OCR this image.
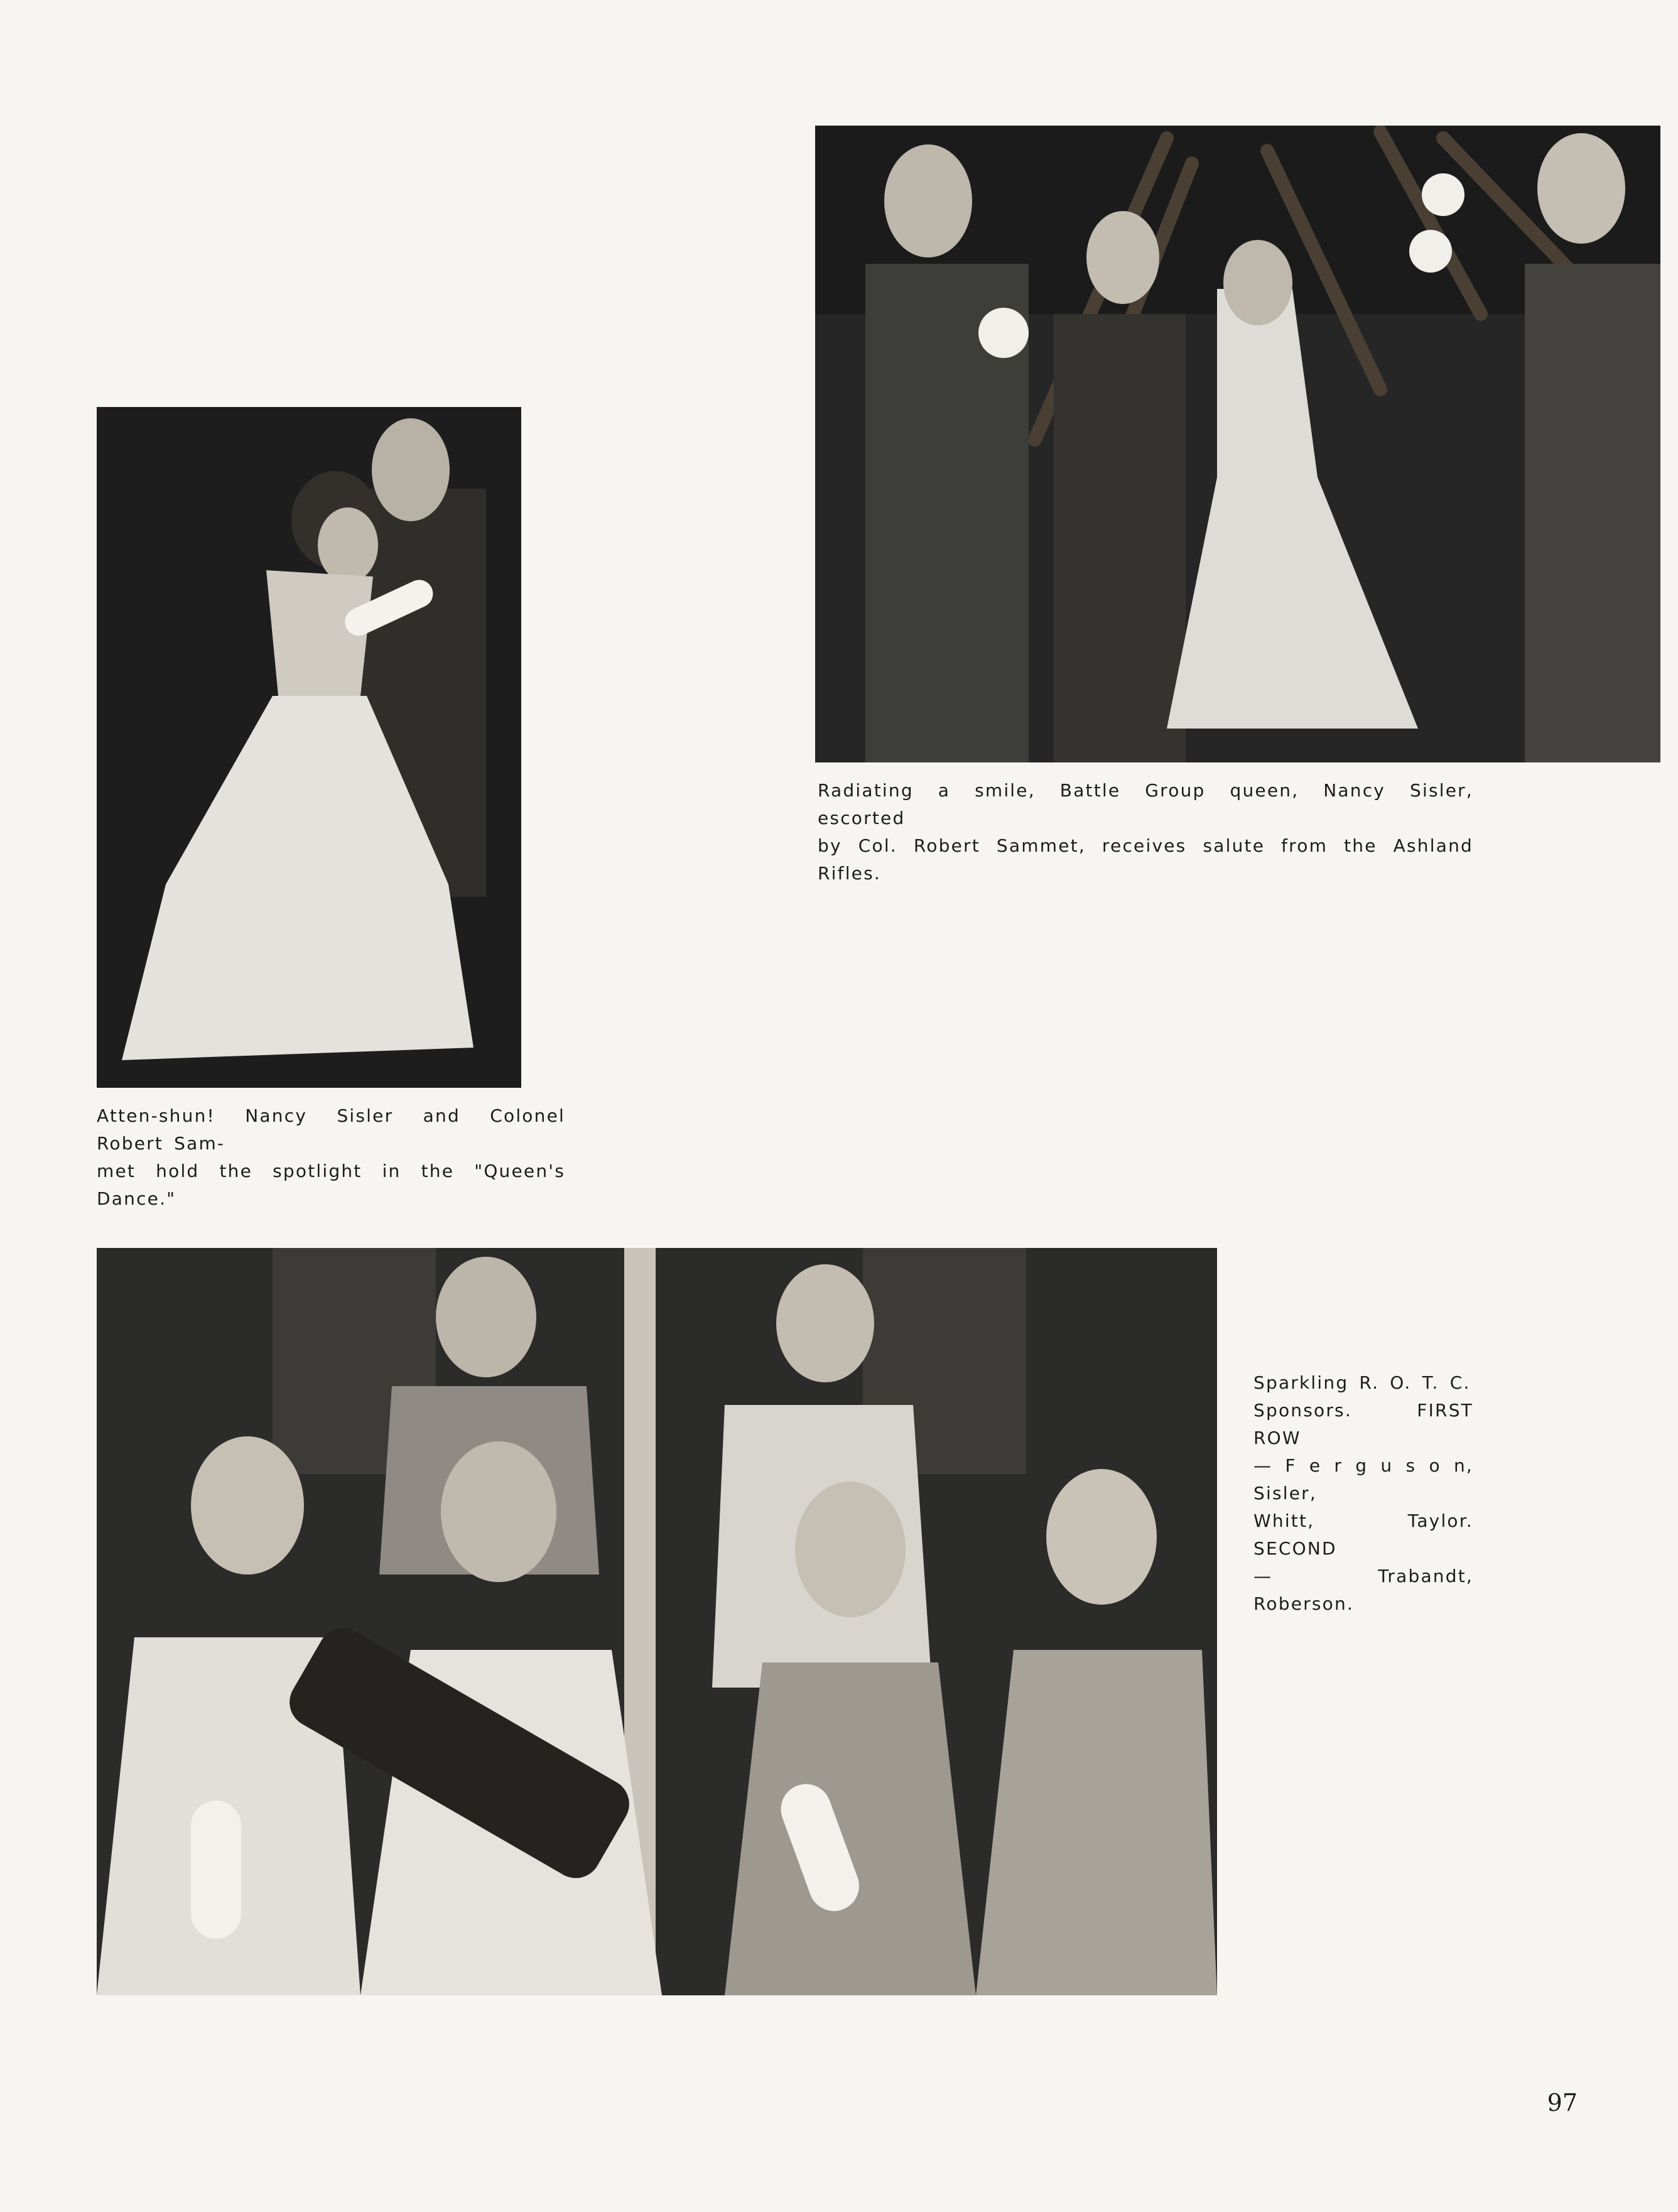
Radiating a smile, Battle Group queen, Nancy Sisler, escorted
by Col. Robert Sammet, receives salute from the Ashland Rifles.
Atten-shun! Nancy Sisler and Colonel Robert Sam-
met hold the spotlight in the "Queen's Dance."
Sparkling R. O. T. C.
Sponsors. FIRST ROW
— F e r g u s o n, Sisler,
Whitt, Taylor. SECOND
— Trabandt, Roberson.
97
